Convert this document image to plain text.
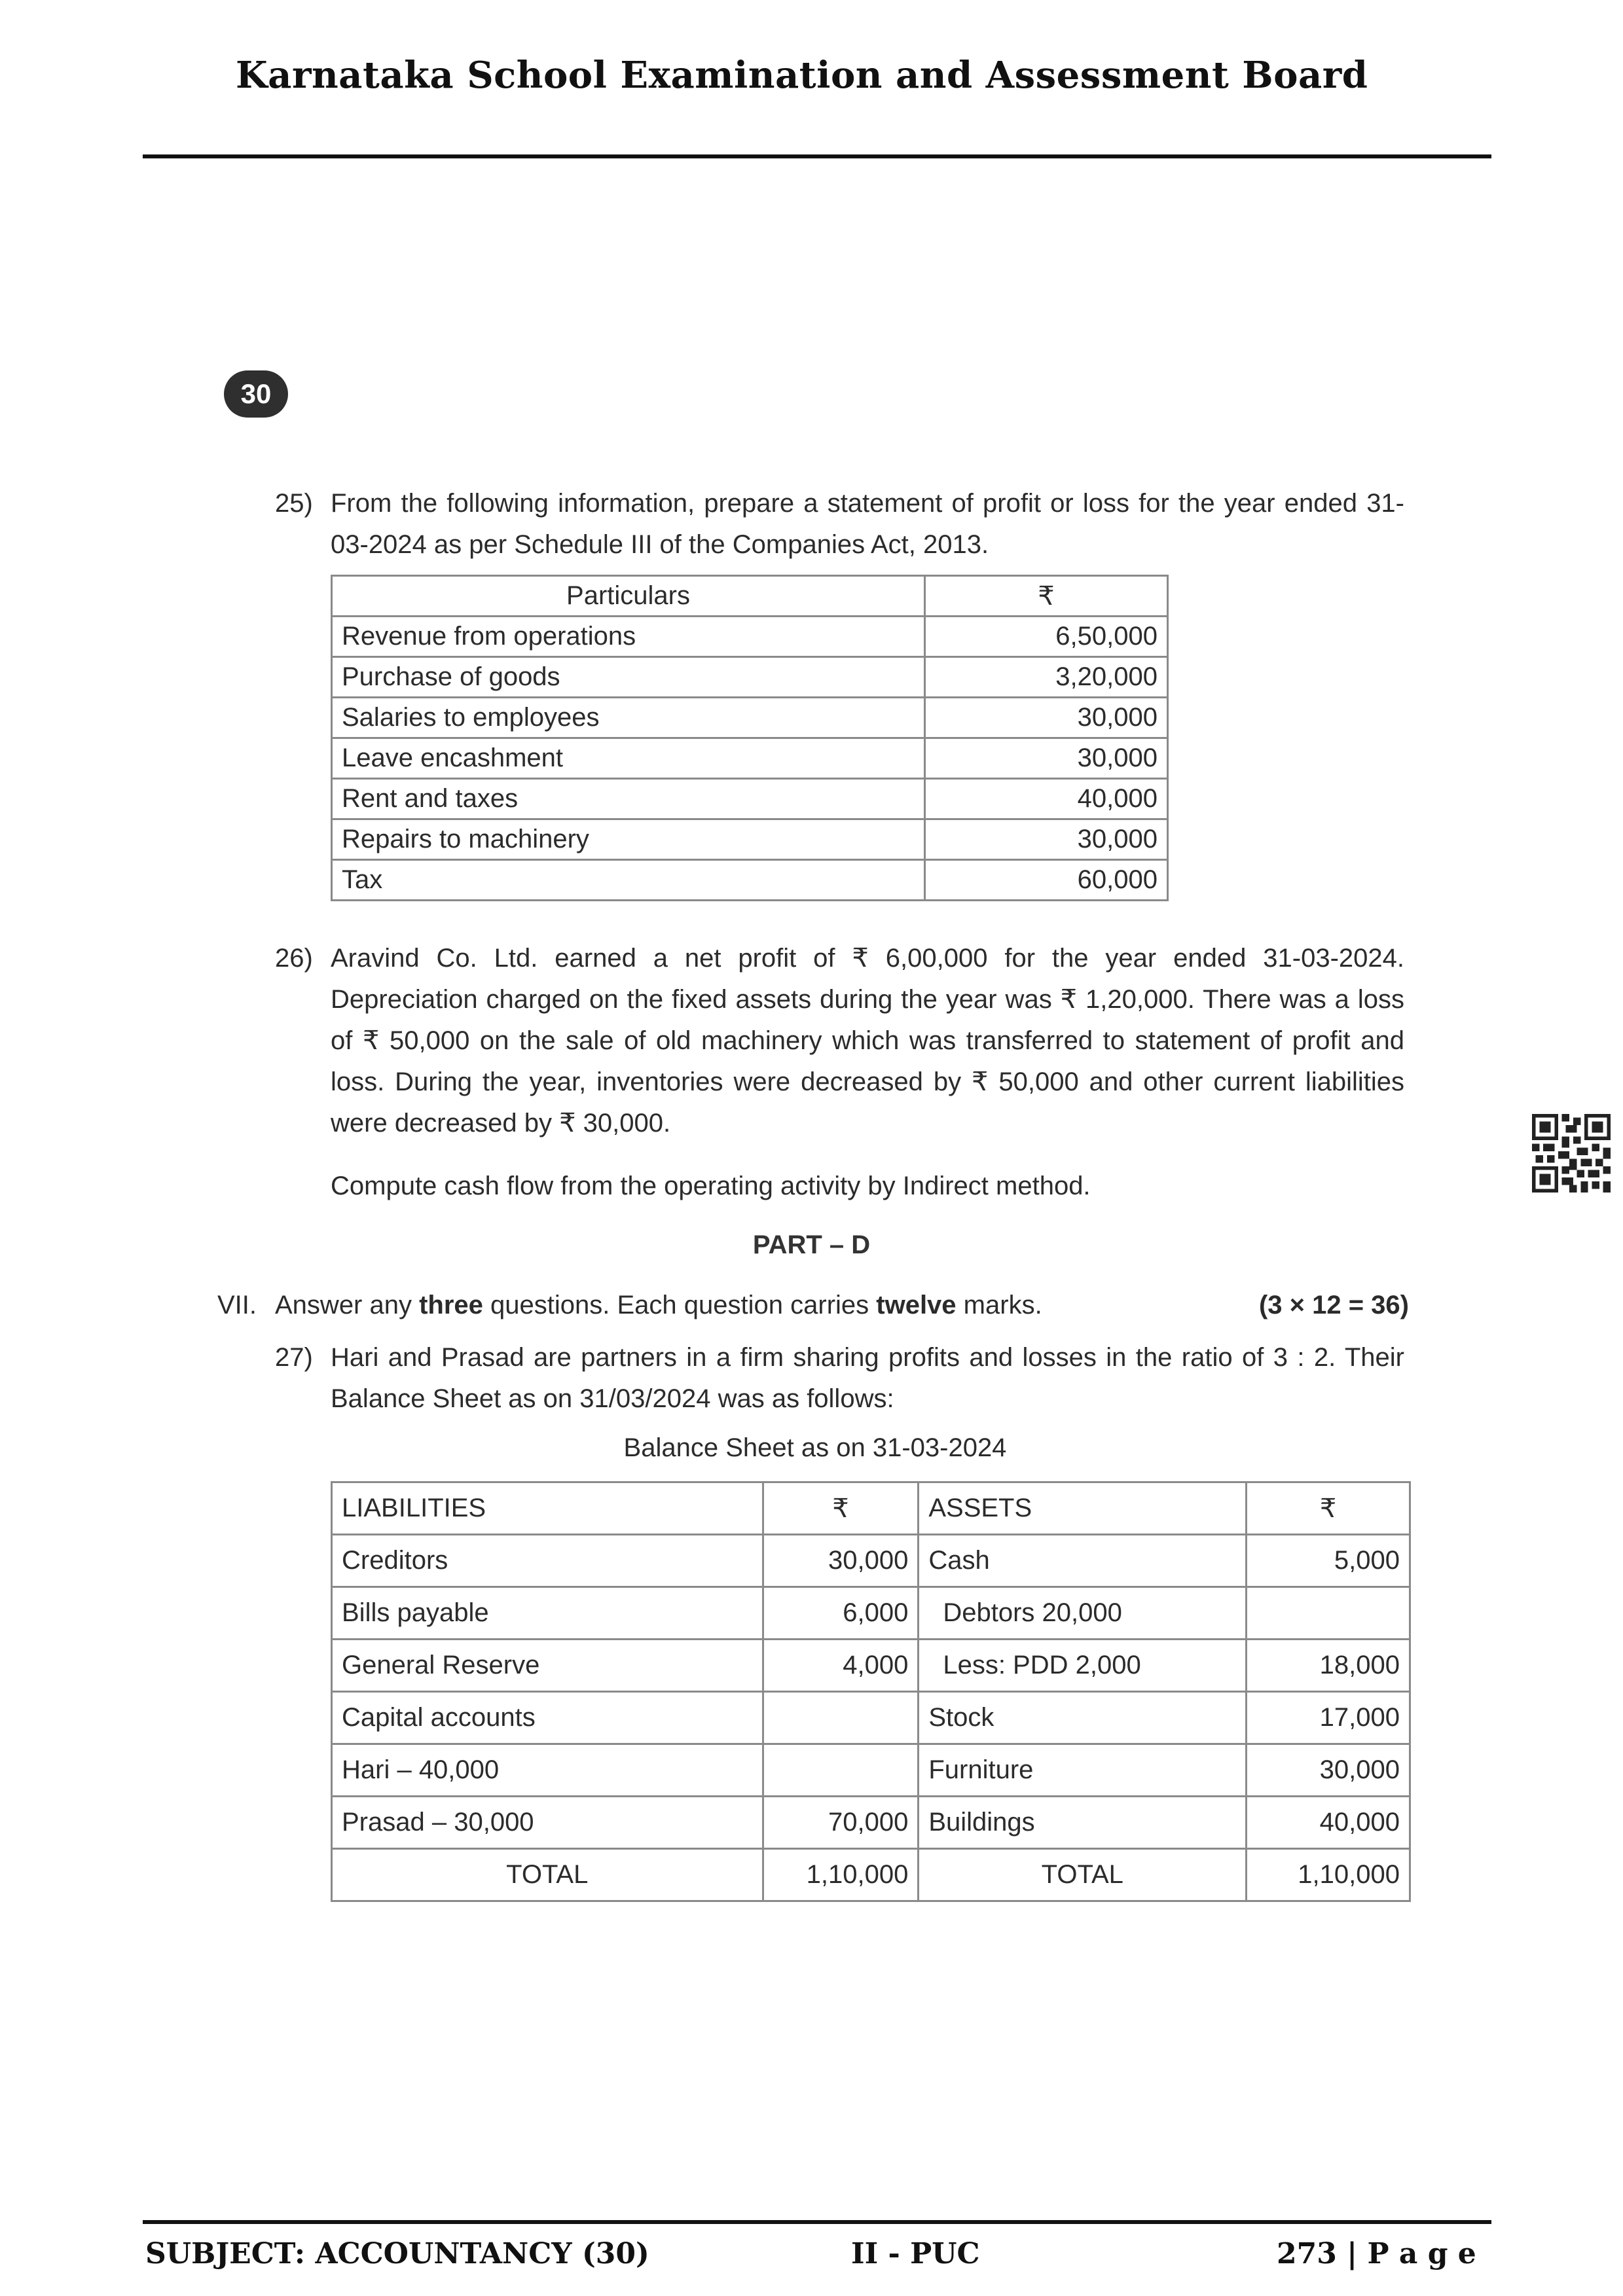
Karnataka School Examination and Assessment Board
30
25) From the following information, prepare a statement of profit or loss for the year ended 31-03-2024 as per Schedule III of the Companies Act, 2013.
Particulars	₹
Revenue from operations	6,50,000
Purchase of goods	3,20,000
Salaries to employees	30,000
Leave encashment	30,000
Rent and taxes	40,000
Repairs to machinery	30,000
Tax	60,000
26) Aravind Co. Ltd. earned a net profit of ₹ 6,00,000 for the year ended 31-03-2024. Depreciation charged on the fixed assets during the year was ₹ 1,20,000. There was a loss of ₹ 50,000 on the sale of old machinery which was transferred to statement of profit and loss. During the year, inventories were decreased by ₹ 50,000 and other current liabilities were decreased by ₹ 30,000.
Compute cash flow from the operating activity by Indirect method.
PART – D
VII. Answer any three questions. Each question carries twelve marks.	(3 × 12 = 36)
27) Hari and Prasad are partners in a firm sharing profits and losses in the ratio of 3 : 2. Their Balance Sheet as on 31/03/2024 was as follows:
Balance Sheet as on 31-03-2024
LIABILITIES	₹	ASSETS	₹
Creditors	30,000	Cash	5,000
Bills payable	6,000	Debtors 20,000	
General Reserve	4,000	Less: PDD 2,000	18,000
Capital accounts		Stock	17,000
Hari – 40,000		Furniture	30,000
Prasad – 30,000	70,000	Buildings	40,000
TOTAL	1,10,000	TOTAL	1,10,000
SUBJECT: ACCOUNTANCY (30)	II - PUC	273 | P a g e
